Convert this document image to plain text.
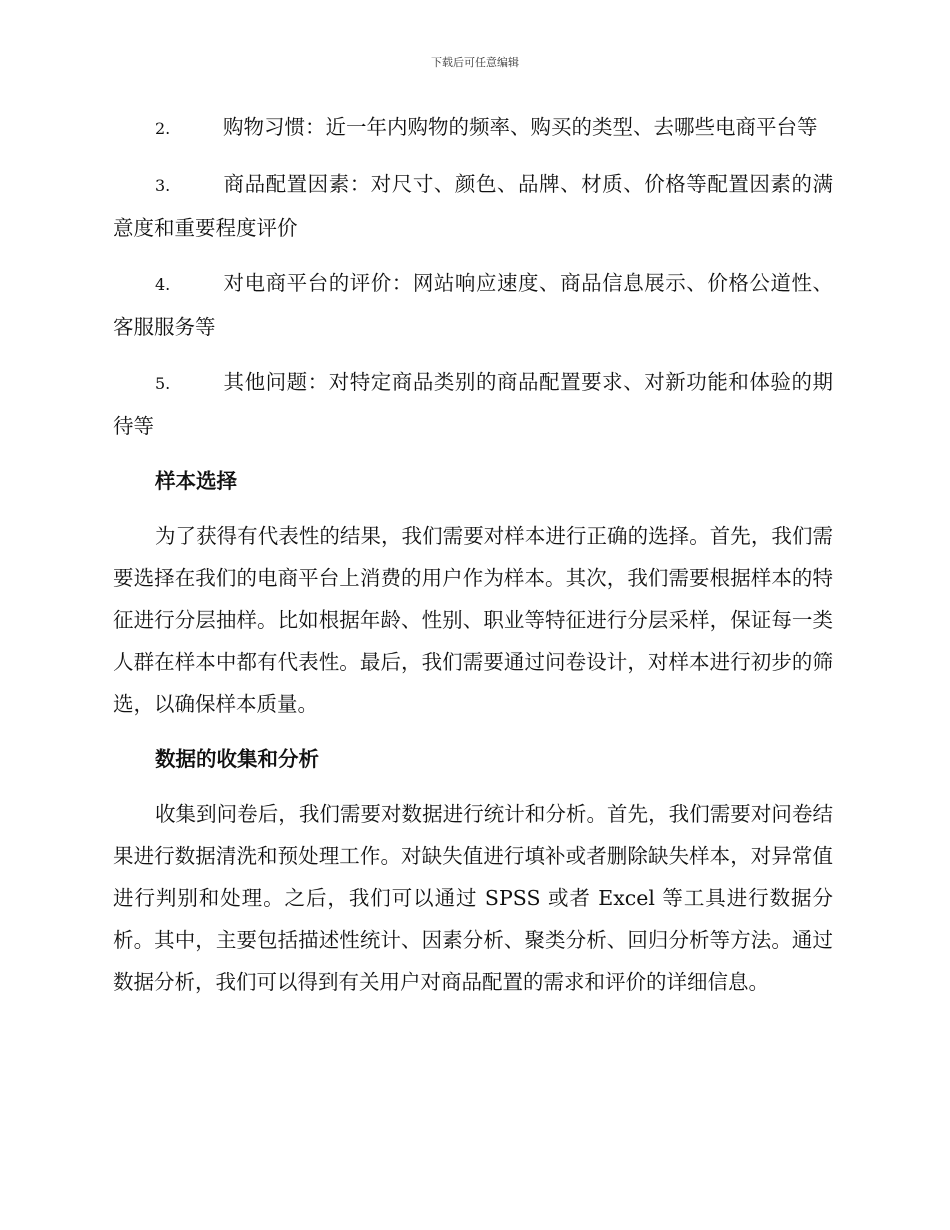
下载后可任意编辑

2.	购物习惯：近一年内购物的频率、购买的类型、去哪些电商平台等

3.	商品配置因素：对尺寸、颜色、品牌、材质、价格等配置因素的满意度和重要程度评价

4.	对电商平台的评价：网站响应速度、商品信息展示、价格公道性、客服服务等

5.	其他问题：对特定商品类别的商品配置要求、对新功能和体验的期待等

样本选择

为了获得有代表性的结果，我们需要对样本进行正确的选择。首先，我们需要选择在我们的电商平台上消费的用户作为样本。其次，我们需要根据样本的特征进行分层抽样。比如根据年龄、性别、职业等特征进行分层采样，保证每一类人群在样本中都有代表性。最后，我们需要通过问卷设计，对样本进行初步的筛选，以确保样本质量。

数据的收集和分析

收集到问卷后，我们需要对数据进行统计和分析。首先，我们需要对问卷结果进行数据清洗和预处理工作。对缺失值进行填补或者删除缺失样本，对异常值进行判别和处理。之后，我们可以通过 SPSS 或者 Excel 等工具进行数据分析。其中，主要包括描述性统计、因素分析、聚类分析、回归分析等方法。通过数据分析，我们可以得到有关用户对商品配置的需求和评价的详细信息。
